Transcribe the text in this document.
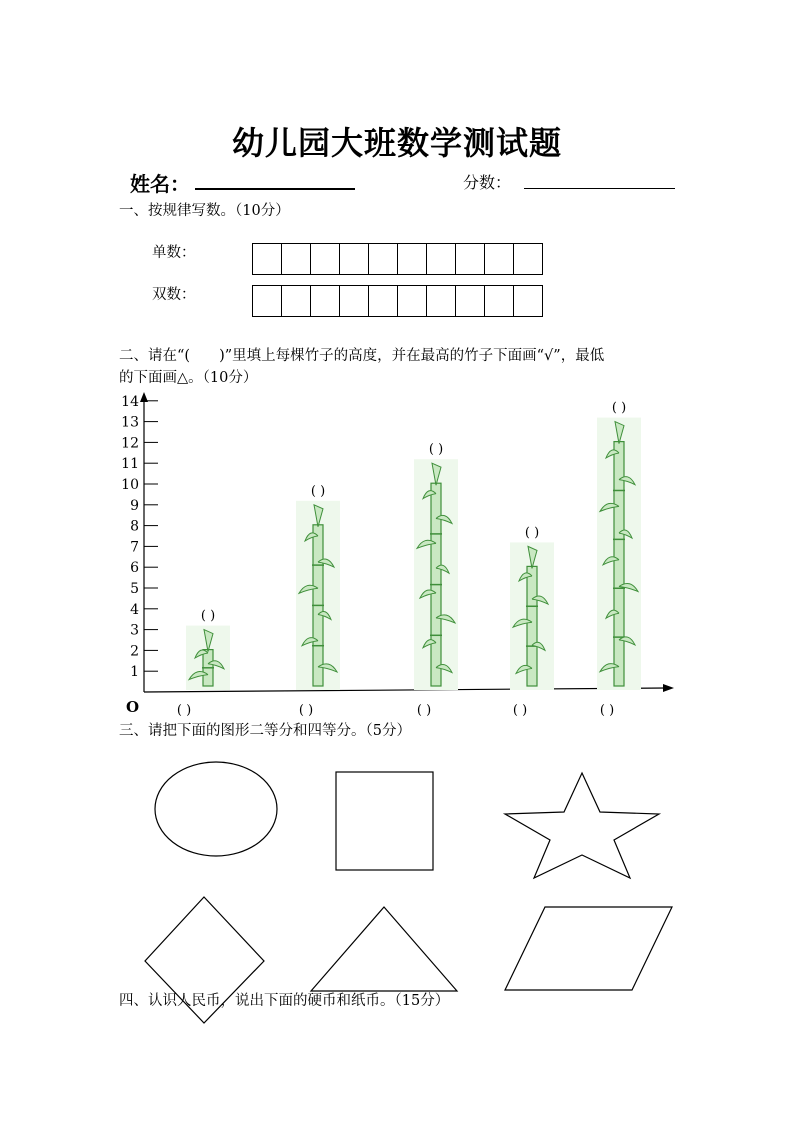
幼儿园大班数学测试题
姓名：	分数：
一、按规律写数。（10分）
单数：
双数：
二、请在“(　　)”里填上每棵竹子的高度，并在最高的竹子下面画“√”，最低
的下面画△。（10分）
O
1
2
3
4
5
6
7
8
9
10
11
12
13
14
( )
( )
( )
( )
( )
( )
( )
( )
( )
( )
三、请把下面的图形二等分和四等分。（5分）
四、认识人民币，说出下面的硬币和纸币。（15分）
